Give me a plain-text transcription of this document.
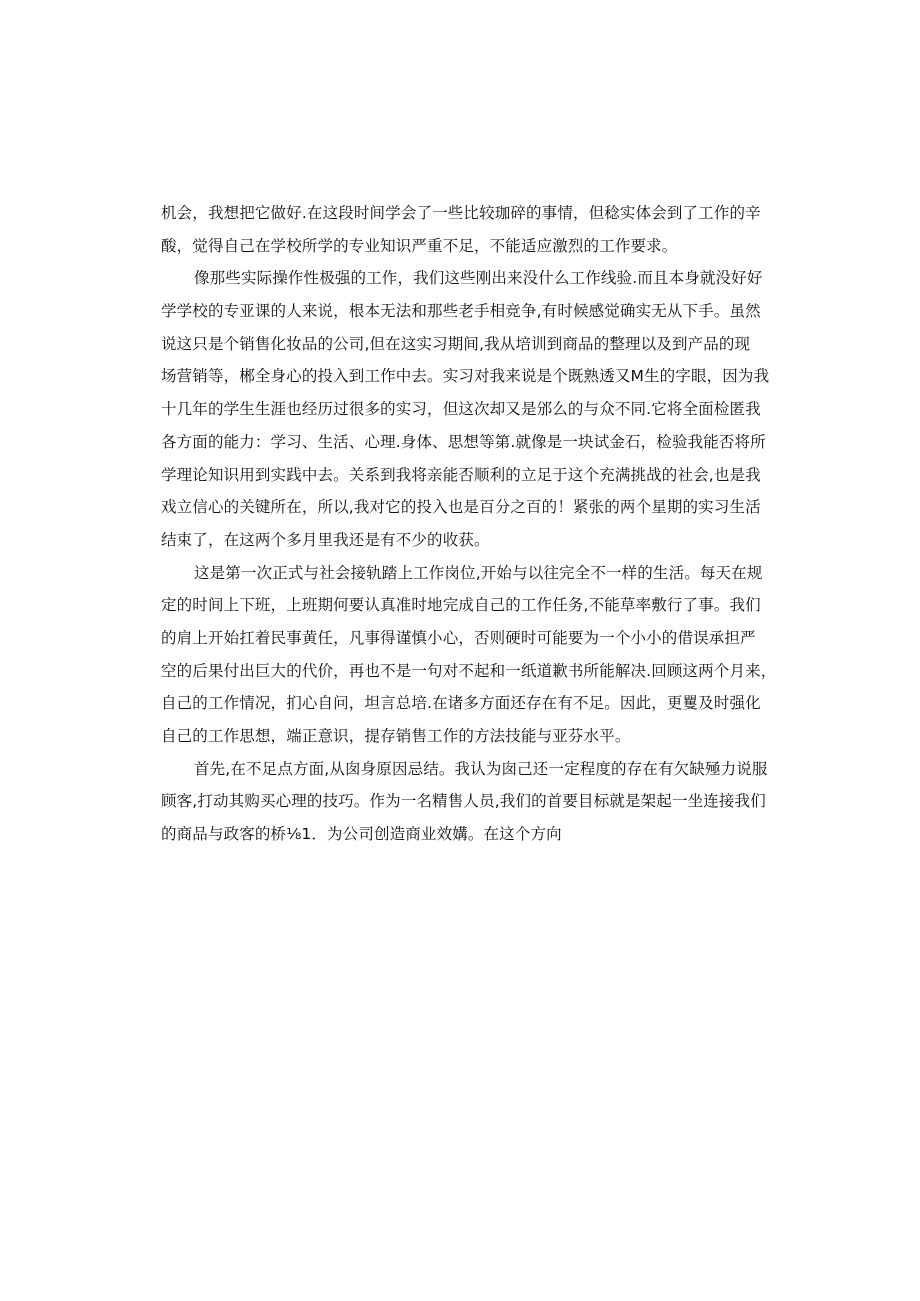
机会，我想把它做好.在这段时间学会了一些比较珈碎的事情，但稔实体会到了工作的辛
酸，觉得自己在学校所学的专业知识严重不足，不能适应激烈的工作要求。
像那些实际操作性极强的工作，我们这些刚出来没什么工作线验.而且本身就没好好
学学校的专亚课的人来说，根本无法和那些老手相竞争,有时候感觉确实无从下手。虽然
说这只是个销售化妆品的公司,但在这实习期间,我从培训到商品的整理以及到产品的现
场营销等，郴全身心的投入到工作中去。实习对我来说是个既熟透又M生的字眼，因为我
十几年的学生生涯也经历过很多的实习，但这次却又是邠么的与众不同.它将全面检匿我
各方面的能力：学习、生活、心理.身体、思想等第.就像是一块试金石，检验我能否将所
学理论知识用到实践中去。关系到我将亲能否顺利的立足于这个充满挑战的社会,也是我
戏立信心的关键所在，所以,我对它的投入也是百分之百的！紧张的两个星期的实习生活
结束了，在这两个多月里我还是有不少的收获。
这是第一次正式与社会接轨踏上工作岗位,开始与以往完全不一样的生活。每天在规
定的时间上下班，上班期何要认真准时地完成自己的工作任务,不能草率敷行了事。我们
的肩上开始扛着民事黄任，凡事得谨慎小心，否则硬时可能要为一个小小的借误承担严
空的后果付出巨大的代价，再也不是一句对不起和一纸道歉书所能解决.回顾这两个月来，
自己的工作情况，扪心自问，坦言总培.在诸多方面还存在有不足。因此，更矍及时强化
自己的工作思想，端正意识，提存销售工作的方法技能与亚芬水平。
首先,在不足点方面,从囱身原因忌结。我认为囱己还一定程度的存在有欠缺殛力说服
顾客,打动其购买心理的技巧。作为一名精售人员,我们的首要目标就是架起一坐连接我们
的商品与政客的桥⅛1．为公司创造商业效媾。在这个方向
